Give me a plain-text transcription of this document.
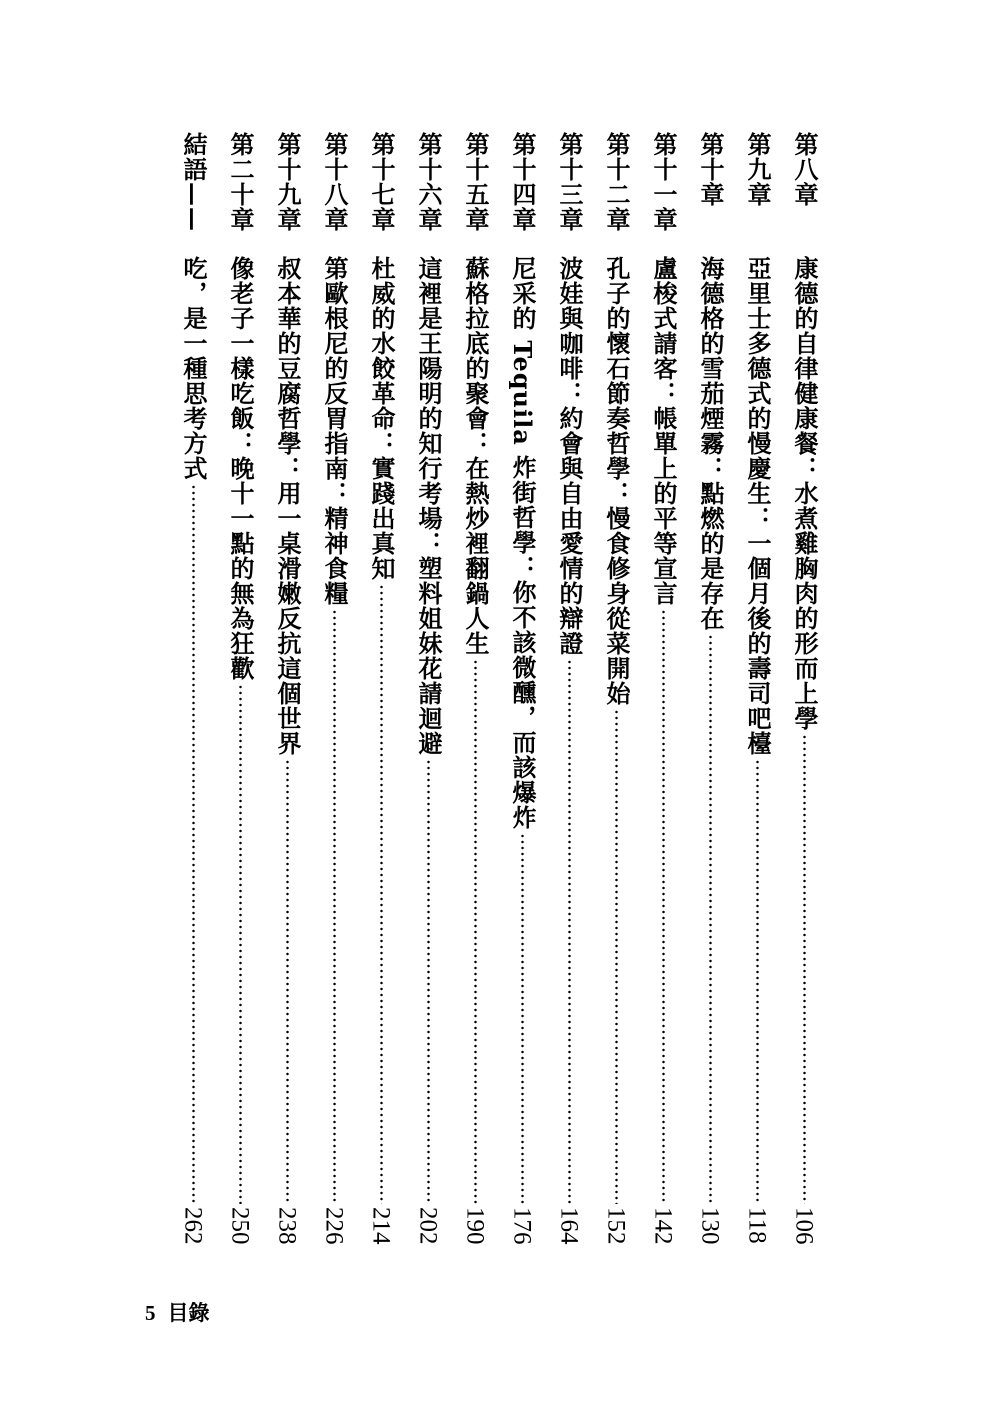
第八章
康德的自律健康餐：水煮雞胸肉的形而上學
106
第九章
亞里士多德式的慢慶生：一個月後的壽司吧檯
118
第十章
海德格的雪茄煙霧：點燃的是存在
130
第十一章
盧梭式請客：帳單上的平等宣言
142
第十二章
孔子的懷石節奏哲學：慢食修身從菜開始
152
第十三章
波娃與咖啡：約會與自由愛情的辯證
164
第十四章
尼采的 Tequila 炸街哲學：你不該微醺，而該爆炸
176
第十五章
蘇格拉底的聚會：在熱炒裡翻鍋人生
190
第十六章
這裡是王陽明的知行考場：塑料姐妹花請迴避
202
第十七章
杜威的水餃革命：實踐出真知
214
第十八章
第歐根尼的反胃指南：精神食糧
226
第十九章
叔本華的豆腐哲學：用一桌滑嫩反抗這個世界
238
第二十章
像老子一樣吃飯：晚十一點的無為狂歡
250
結語——
吃，是一種思考方式
262
5 目錄
